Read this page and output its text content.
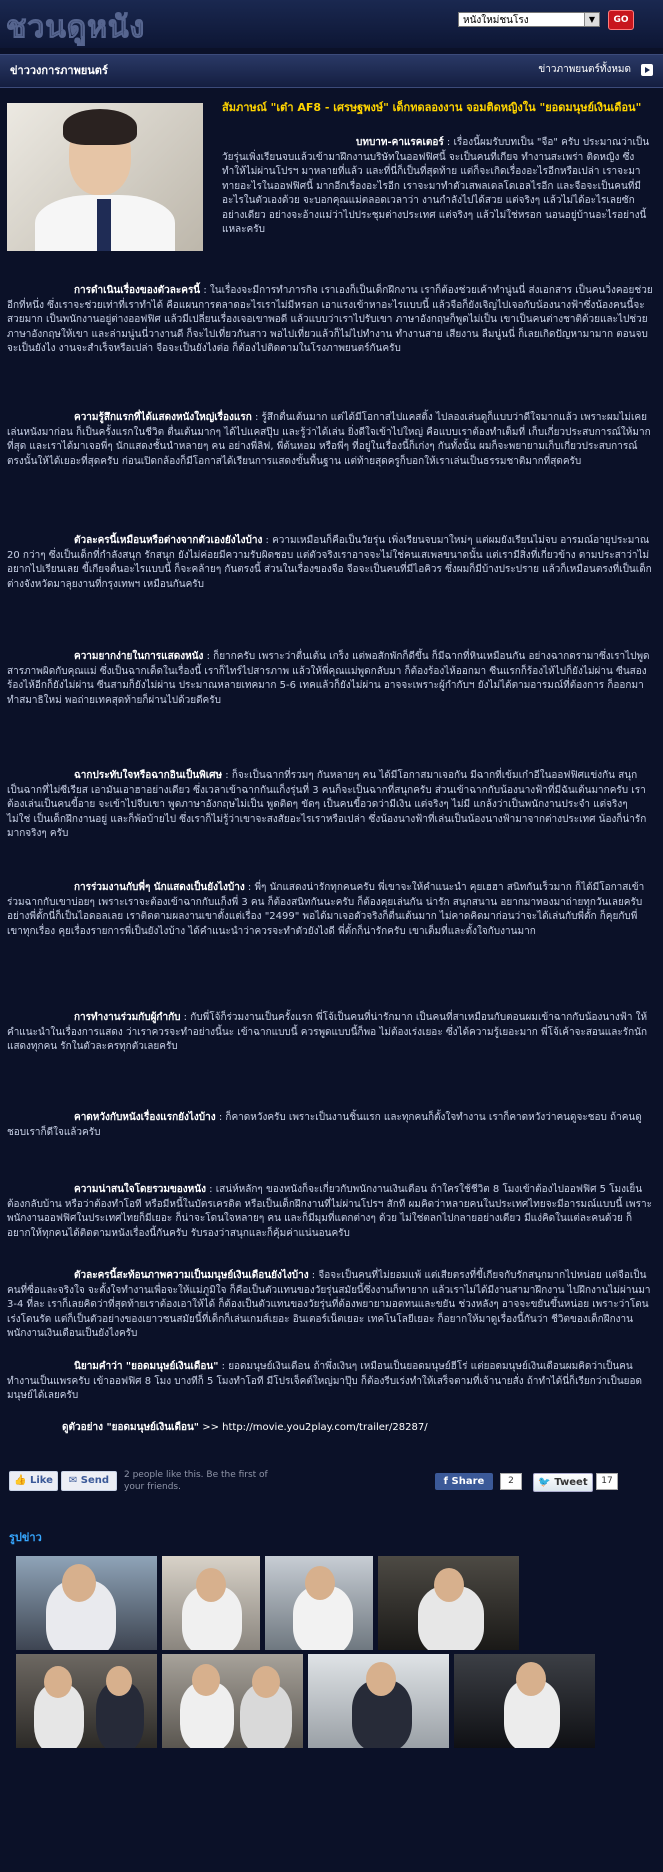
ชวนดูหนัง	หนังใหม่ชนโรง	▼	GO
ข่าววงการภาพยนตร์	ข่าวภาพยนตร์ทั้งหมด
สัมภาษณ์ "เต๋า AF8 - เศรษฐพงษ์" เด็กทดลองงาน จอมติดหญิงใน "ยอดมนุษย์เงินเดือน"
บทบาท-คาแรคเตอร์ : เรื่องนี้ผมรับบทเป็น "จือ" ครับ ประมาณว่าเป็นวัยรุ่นเพิ่งเรียนจบแล้วเข้ามาฝึกงานบริษัทในออฟฟิศนี้ จะเป็นคนที่เกียจ ทำงานสะเพร่า ติดหญิง ซึ่งทำให้ไม่ผ่านโปรฯ มาหลายที่แล้ว และที่นี่ก็เป็นที่สุดท้าย แต่ก็จะเกิดเรื่องอะไรอีกหรือเปล่า เราจะมาทายอะไรในออฟฟิศนี้ มากอีกเรื่องอะไรอีก เราจะมาทำตัวเสพลเดลโดเอลไรอีก และจือจะเป็นคนที่มีอะไรในตัวเองด้วย จะบอกคุณแม่ตลอดเวลาว่า งานกำลังไปได้สวย แต่จริงๆ แล้วไม่ได้อะไรเลยซักอย่างเดียว อย่างจะอ้างแม่ว่าไปประชุมต่างประเทศ แต่จริงๆ แล้วไม่ใช่หรอก นอนอยู่บ้านอะไรอย่างนี้แหละครับ
การดำเนินเรื่องของตัวละครนี้ : ในเรื่องจะมีการทำภารกิจ เราเองก็เป็นเด็กฝึกงาน เราก็ต้องช่วยเค้าทำนู่นนี่ ส่งเอกสาร เป็นคนวิ่งคอยช่วยอีกที่หนึ่ง ซึ่งเราจะช่วยเท่าที่เราทำได้ คือแผนการตลาดอะไรเราไม่มีหรอก เอาแรงเข้าหาอะไรแบบนี้ แล้วจือก็ยังเจิญไปเจอกับน้องนางฟ้าซึ่งน้องคนนี้จะสวยมาก เป็นพนักงานอยู่ต่างออฟฟิศ แล้วมีเปลี่ยนเรื่องเจอเขาพอดี แล้วแบบว่าเราไปรับเขา ภาษาอังกฤษก็พูดไม่เป็น เขาเป็นคนต่างชาติด้วยและไปช่วยภาษาอังกฤษให้เขา และล่ามนู่นนี่วางานดี ก็จะไปเที่ยวกันสาว พอไปเที่ยวแล้วก็ไม่ไปทำงาน ทำงานสาย เสียงาน ลืมนู่นนี่ ก็เลยเกิดปัญหามามาก ตอนจบจะเป็นยังไง งานจะสำเร็จหรือเปล่า จือจะเป็นยังไงต่อ ก็ต้องไปติดตามในโรงภาพยนตร์กันครับ
ความรู้สึกแรกที่ได้แสดงหนังใหญ่เรื่องแรก : รู้สึกตื่นเต้นมาก แต่ได้มีโอกาสไปแคสติ้ง ไปลองเล่นดูก็แบบว่าดีใจมากแล้ว เพราะผมไม่เคยเล่นหนังมาก่อน ก็เป็นครั้งแรกในชีวิต ตื่นเต้นมากๆ ได้ไปแคสปุ๊บ และรู้ว่าได้เล่น ยิ่งดีใจเข้าไปใหญ่ คือแบบเราต้องทำเต็มที่ เก็บเกี่ยวประสบการณ์ให้มากที่สุด และเราได้มาเจอพี่ๆ นักแสดงชั้นนำหลายๆ คน อย่างพี่ลิฟ, พี่ต้นหอม หรือพี่ๆ ที่อยู่ในเรื่องนี้ก็เก่งๆ กันทั้งนั้น ผมก็จะพยายามเก็บเกี่ยวประสบการณ์ตรงนั้นให้ได้เยอะที่สุดครับ ก่อนเปิดกล้องก็มีโอกาสได้เรียนการแสดงขั้นพื้นฐาน แต่ท้ายสุดครูก็บอกให้เราเล่นเป็นธรรมชาติมากที่สุดครับ
ตัวละครนี้เหมือนหรือต่างจากตัวเองยังไงบ้าง : ความเหมือนก็คือเป็นวัยรุ่น เพิ่งเรียนจบมาใหม่ๆ แต่ผมยังเรียนไม่จบ อารมณ์อายุประมาณ 20 กว่าๆ ซึ่งเป็นเด็กที่กำลังสนุก รักสนุก ยังไม่ค่อยมีความรับผิดชอบ แต่ตัวจริงเราอาจจะไม่ใช่คนเสเพลขนาดนั้น แต่เรามีสิ่งที่เกี่ยวข้าง ตามประสาว่าไม่อยากไปเรียนเลย ขี้เกียจตื่นอะไรแบบนี้ ก็จะคล้ายๆ กันตรงนี้ ส่วนในเรื่องของจือ จือจะเป็นคนที่มีไอคิวร ซึ่งผมก็มีบ้างประปราย แล้วก็เหมือนตรงที่เป็นเด็กต่างจังหวัดมาลุยงานที่กรุงเทพฯ เหมือนกันครับ
ความยากง่ายในการแสดงหนัง : ก็ยากครับ เพราะว่าตื่นเต้น เกร็ง แต่พอสักพักก็ดีขึ้น ก็มีฉากที่หินเหมือนกัน อย่างฉากดรามาซึ่งเราไปพูดสารภาพผิดกับคุณแม่ ซึ่งเป็นฉากเด็ดในเรื่องนี้ เราก็ไทร์ไปสารภาพ แล้วให้พี่คุณแม่พูดกลับมา ก็ต้องร้องไห้ออกมา ซีนแรกก็ร้องไห้ไปก็ยังไม่ผ่าน ซีนสองร้องไห้อีกก็ยังไม่ผ่าน ซีนสามก็ยังไม่ผ่าน ประมาณหลายเทคมาก 5-6 เทคแล้วก็ยังไม่ผ่าน อาจจะเพราะผู้กำกับฯ ยังไม่ได้ตามอารมณ์ที่ต้องการ ก็ออกมาทำสมาธิใหม่ พอถ่ายเทคสุดท้ายก็ผ่านไปด้วยดีครับ
ฉากประทับใจหรือฉากอินเป็นพิเศษ : ก็จะเป็นฉากที่รวมๆ กันหลายๆ คน ได้มีโอกาสมาเจอกัน มีฉากที่เข้มเก๋าอีในออฟฟิศแข่งกัน สนุก เป็นฉากที่ไม่ซีเรียส เอามันเอาฮาอย่างเดียว ซึ่งเวลาเข้าฉากกันแก็งรุ่นที่ 3 คนก็จะเป็นฉากที่สนุกครับ ส่วนเข้าฉากกับน้องนางฟ้าที่มีฉันเต้นมากครับ เราต้องเล่นเป็นคนขี้อาย จะเข้าไปจีบเขา พูดภาษาอังกฤษไม่เป็น พูดติดๆ ขัดๆ เป็นคนขี้อวดว่ามีเงิน แต่จริงๆ ไม่มี แกล้งว่าเป็นพนักงานประจำ แต่จริงๆ ไม่ใช่ เป็นเด็กฝึกงานอยู่ และก็พ้อบ้ายไป ซึ่งเราก็ไม่รู้ว่าเขาจะสงสัยอะไรเราหรือเปล่า ซึ่งน้องนางฟ้าที่เล่นเป็นน้องนางฟ้ามาจากต่างประเทศ น้องก็น่ารักมากจริงๆ ครับ
การร่วมงานกับพี่ๆ นักแสดงเป็นยังไงบ้าง : พี่ๆ นักแสดงน่ารักทุกคนครับ พี่เขาจะให้คำแนะนำ คุยเฮฮา สนิทกันเร็วมาก ก็ได้มีโอกาสเข้าร่วมฉากกับเขาบ่อยๆ เพราะเราจะต้องเข้าฉากกับแก็งพี่ 3 คน ก็ต้องสนิทกันนะครับ ก็ต้องคุยเล่นกัน น่ารัก สนุกสนาน อยากมาทองมาถ่ายทุกวันเลยครับ อย่างพี่ตั้กนี่ก็เป็นไอดอลเลย เราติดตามผลงานเขาตั้งแต่เรื่อง "2499" พอได้มาเจอตัวจริงก็ตื่นเต้นมาก ไม่คาดคิดมาก่อนว่าจะได้เล่นกับพี่ตั้ก ก็คุยกับพี่เขาทุกเรื่อง คุยเรื่องรายการพี่เป็นยังไงบ้าง ได้คำแนะนำว่าควรจะทำตัวยังไงดี พี่ตั้กก็น่ารักครับ เขาเต็มที่และตั้งใจกับงานมาก
การทำงานร่วมกับผู้กำกับ : กับพี่โจ้ก็ร่วมงานเป็นครั้งแรก พี่โจ้เป็นคนที่น่ารักมาก เป็นคนที่สาเหมือนกับตอนผมเข้าฉากกับน้องนางฟ้า ให้คำแนะนำในเรื่องการแสดง ว่าเราควรจะทำอย่างนี้นะ เข้าฉากแบบนี้ ควรพูดแบบนี้ก็พอ ไม่ต้องเร่งเยอะ ซึ่งได้ความรู้เยอะมาก พี่โจ้เค้าจะสอนและรักนักแสดงทุกคน รักในตัวละครทุกตัวเลยครับ
คาดหวังกับหนังเรื่องแรกยังไงบ้าง : ก็คาดหวังครับ เพราะเป็นงานชิ้นแรก และทุกคนก็ตั้งใจทำงาน เราก็คาดหวังว่าคนดูจะชอบ ถ้าคนดูชอบเราก็ดีใจแล้วครับ
ความน่าสนใจโดยรวมของหนัง : เสน่ห์หลักๆ ของหนังก็จะเกี่ยวกับพนักงานเงินเดือน ถ้าใครใช้ชีวิต 8 โมงเข้าต้องไปออฟฟิศ 5 โมงเย็นต้องกลับบ้าน หรือว่าต้องทำโอที หรือมีหนี้ในบัตรเครดิต หรือเป็นเด็กฝึกงานที่ไม่ผ่านโปรฯ สักที ผมคิดว่าหลายคนในประเทศไทยจะมีอารมณ์แบบนี้ เพราะพนักงานออฟฟิศในประเทศไทยก็มีเยอะ ก็น่าจะโดนใจหลายๆ คน และก็มีมุมที่แตกต่างๆ ด้วย ไม่ใช่ตลกไปกลายอย่างเดียว มีแง่คิดในแต่ละคนด้วย ก็อยากให้ทุกคนได้ติดตามหนังเรื่องนี้กันครับ รับรองว่าสนุกและก็คุ้มค่าแน่นอนครับ
ตัวละครนี้สะท้อนภาพความเป็นมนุษย์เงินเดือนยังไงบ้าง : จือจะเป็นคนที่ไม่ยอมแพ้ แต่เสียตรงที่ขี้เกียจกับรักสนุกมากไปหน่อย แต่จือเป็นคนที่ซื่อและจริงใจ จะตั้งใจทำงานเพื่อจะให้แม่ภูมิใจ ก็คือเป็นตัวแทนของวัยรุ่นสมัยนี้ซึ่งงานก็หายาก แล้วเราไม่ได้มีงานสามาฝึกงาน ไปฝึกงานไม่ผ่านมา 3-4 ที่ละ เราก็เลยคิดว่าที่สุดท้ายเราต้องเอาให้ได้ ก็ต้องเป็นตัวแทนของวัยรุ่นที่ต้องพยายามอดทนและขยัน ช่วงหลังๆ อาจจะขยันขึ้นหน่อย เพราะว่าโดนเร่งโดนรัด แต่ก็เป็นตัวอย่างของเยาวชนสมัยนี้ที่เด็กก็เล่นเกมส์เยอะ อินเตอร์เน็ตเยอะ เทคโนโลยีเยอะ ก็อยากให้มาดูเรื่องนี้กันว่า ชีวิตของเด็กฝึกงาน พนักงานเงินเดือนเป็นยังไงครับ
นิยามคำว่า "ยอดมนุษย์เงินเดือน" : ยอดมนุษย์เงินเดือน ถ้าพึ่งเงินๆ เหมือนเป็นยอดมนุษย์ฮีโร่ แต่ยอดมนุษย์เงินเดือนผมคิดว่าเป็นคนทำงานเป็นแพรครับ เข้าออฟฟิศ 8 โมง บางทีก็ 5 โมงทำโอที มีโปรเจ็คต์ใหญ่มาปุ๊บ ก็ต้องรีบเร่งทำให้เสร็จตามที่เจ้านายสั่ง ถ้าทำได้นี่ก็เรียกว่าเป็นยอดมนุษย์ได้เลยครับ
ดูตัวอย่าง "ยอดมนุษย์เงินเดือน" >> http://movie.you2play.com/trailer/28287/
👍 Like	✉ Send	2 people like this. Be the first of your friends.	f Share	2	🐦 Tweet	17
รูปข่าว
